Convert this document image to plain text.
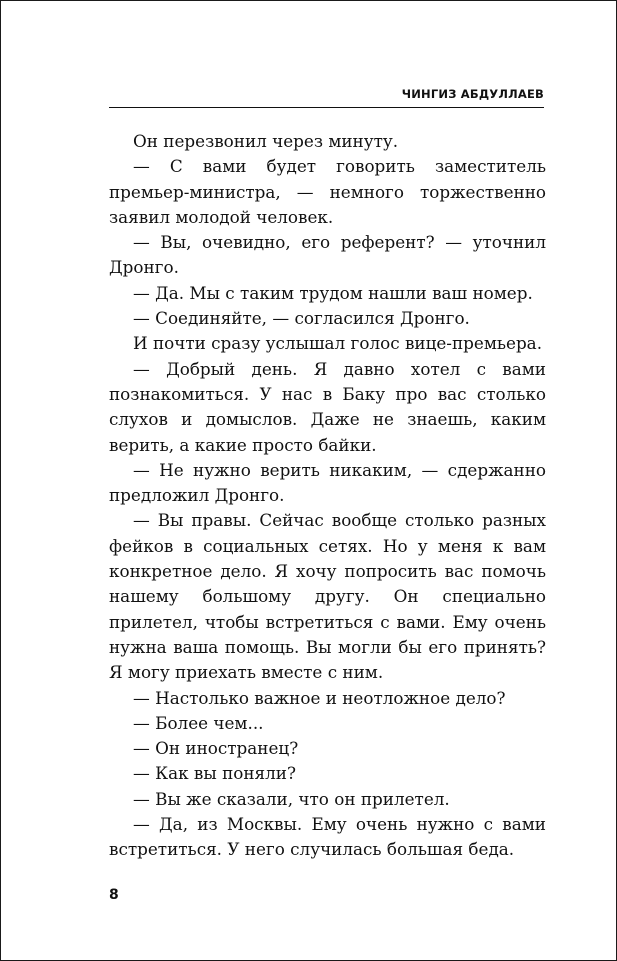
ЧИНГИЗ АБДУЛЛАЕВ

Он перезвонил через минуту.

— С вами будет говорить заместитель премьер-министра, — немного торжественно заявил молодой человек.

— Вы, очевидно, его референт? — уточнил Дронго.

— Да. Мы с таким трудом нашли ваш номер.

— Соединяйте, — согласился Дронго.

И почти сразу услышал голос вице-премьера.

— Добрый день. Я давно хотел с вами познакомиться. У нас в Баку про вас столько слухов и домыслов. Даже не знаешь, каким верить, а какие просто байки.

— Не нужно верить никаким, — сдержанно предложил Дронго.

— Вы правы. Сейчас вообще столько разных фейков в социальных сетях. Но у меня к вам конкретное дело. Я хочу попросить вас помочь нашему большому другу. Он специально прилетел, чтобы встретиться с вами. Ему очень нужна ваша помощь. Вы могли бы его принять? Я могу приехать вместе с ним.

— Настолько важное и неотложное дело?

— Более чем...

— Он иностранец?

— Как вы поняли?

— Вы же сказали, что он прилетел.

— Да, из Москвы. Ему очень нужно с вами встретиться. У него случилась большая беда.

8
